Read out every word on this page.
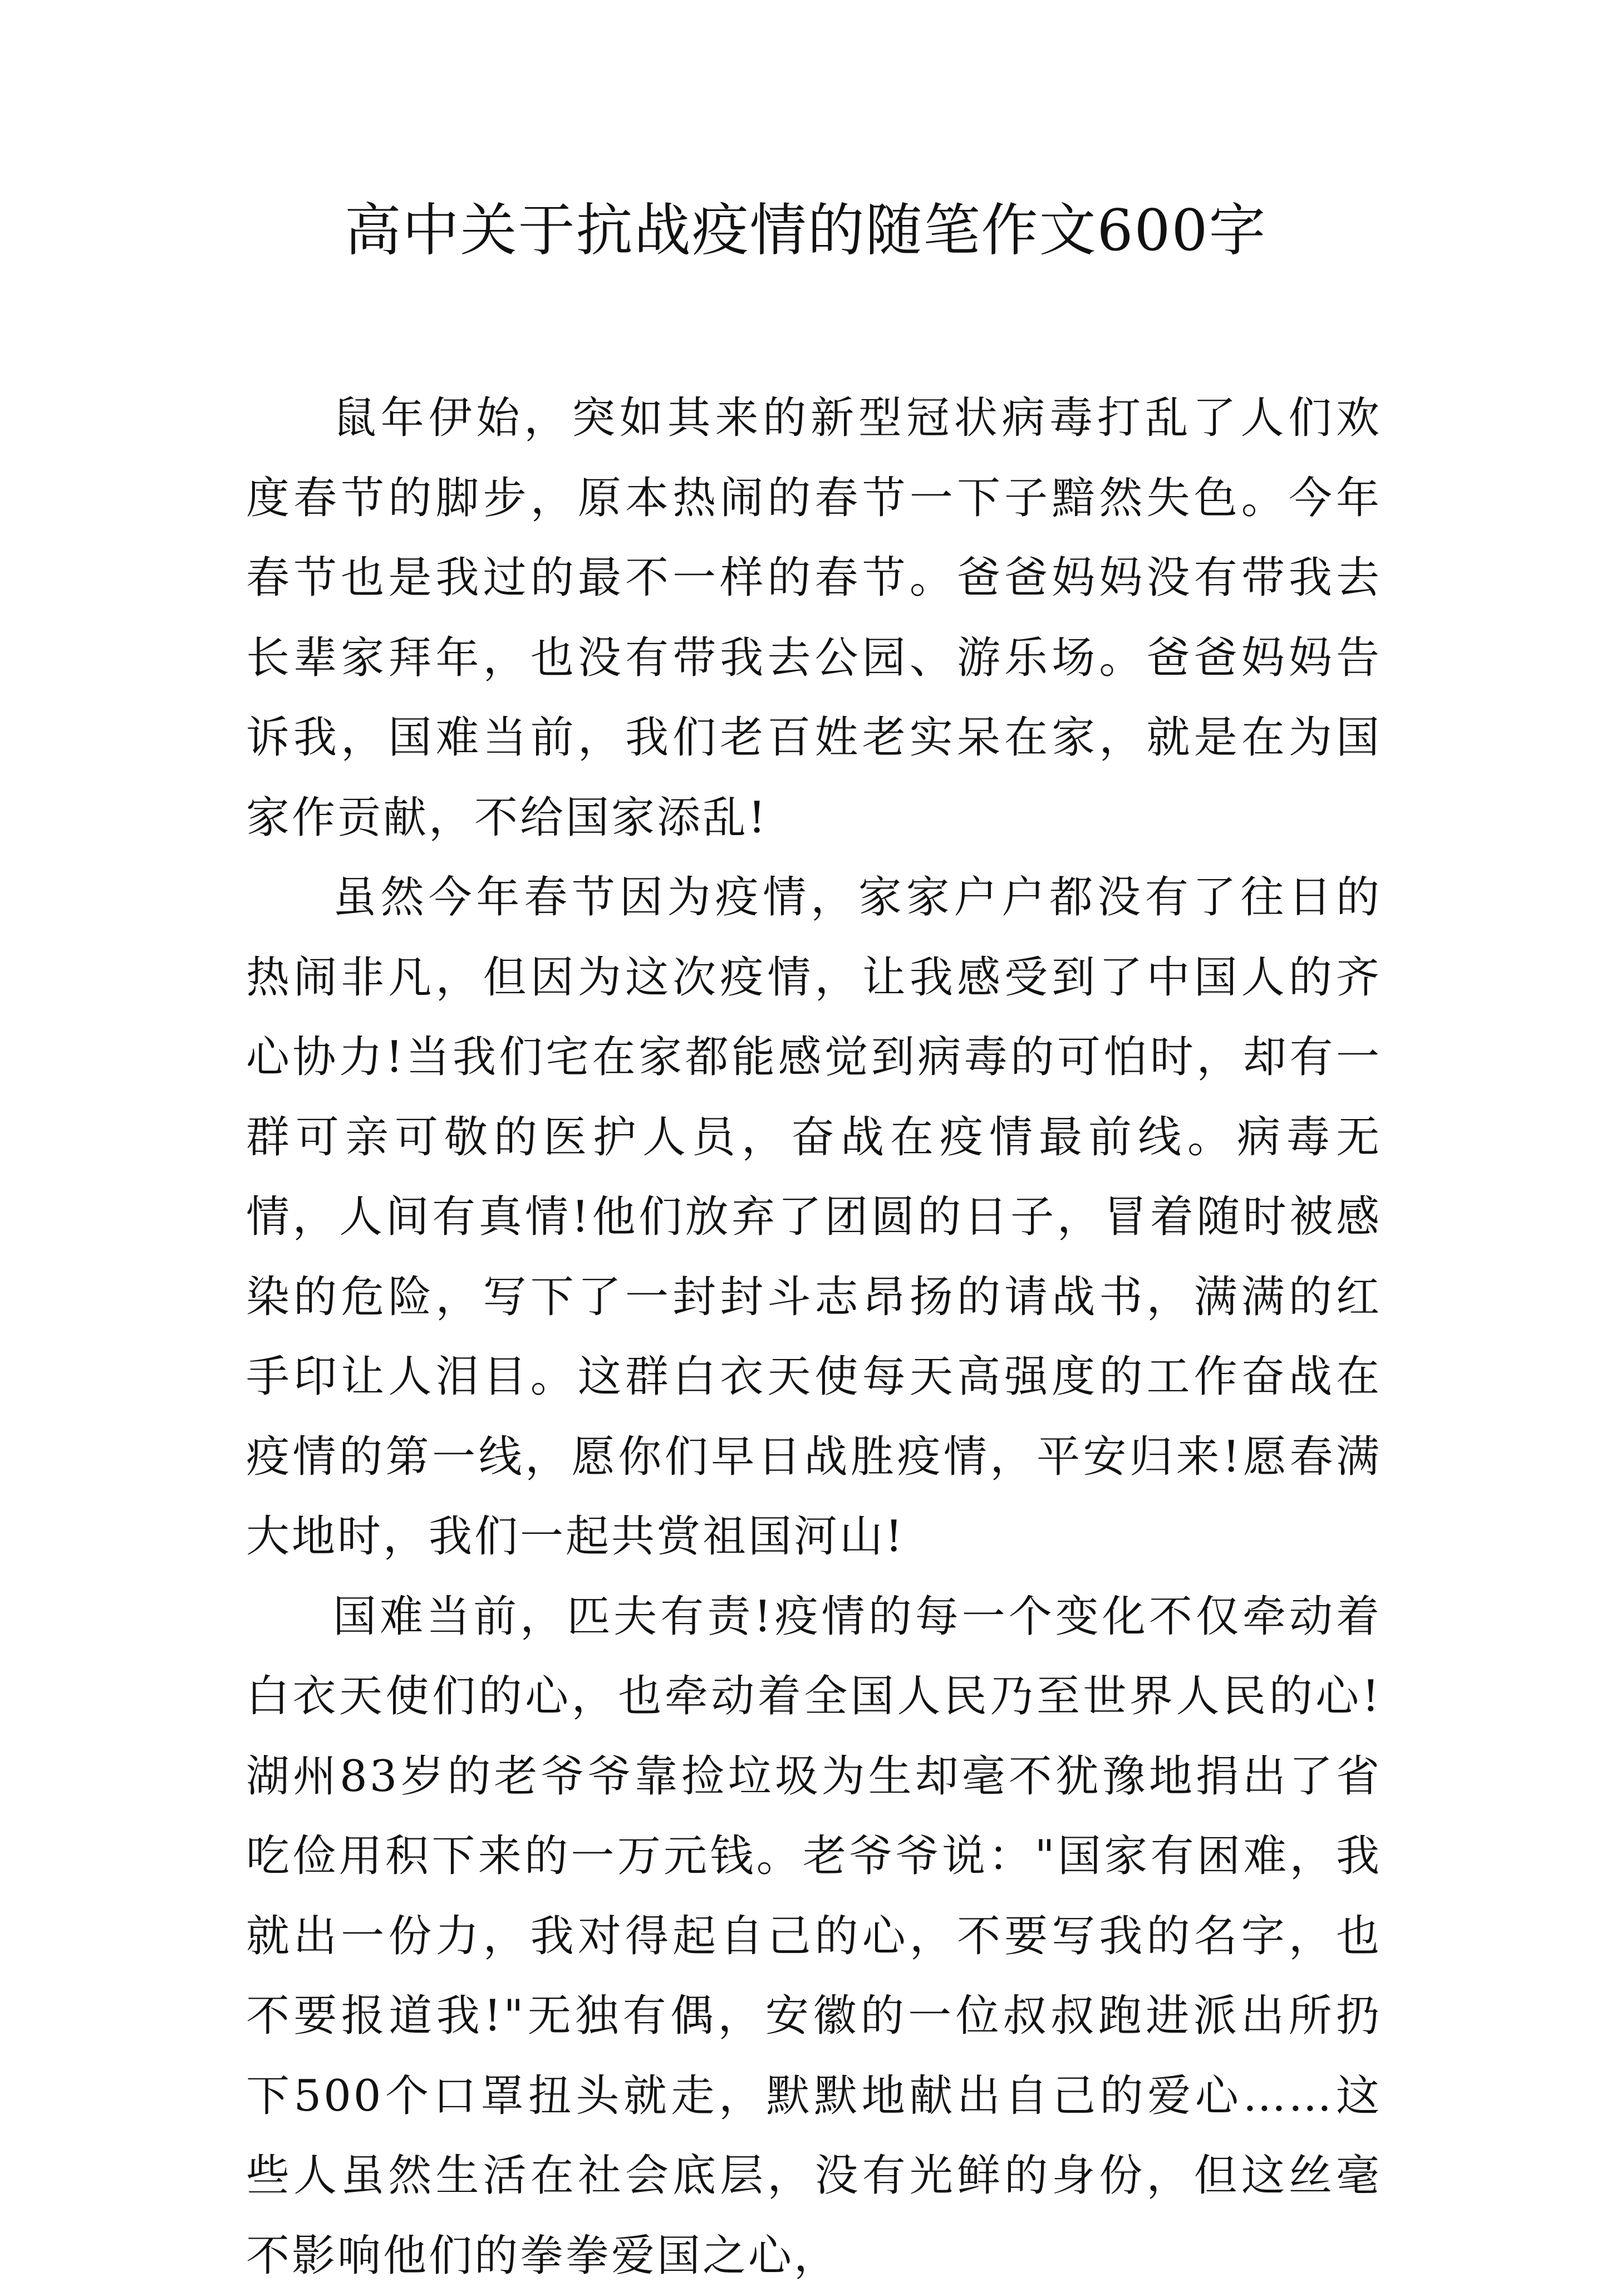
高中关于抗战疫情的随笔作文600字

鼠年伊始，突如其来的新型冠状病毒打乱了人们欢度春节的脚步，原本热闹的春节一下子黯然失色。今年春节也是我过的最不一样的春节。爸爸妈妈没有带我去长辈家拜年，也没有带我去公园、游乐场。爸爸妈妈告诉我，国难当前，我们老百姓老实呆在家，就是在为国家作贡献，不给国家添乱!

虽然今年春节因为疫情，家家户户都没有了往日的热闹非凡，但因为这次疫情，让我感受到了中国人的齐心协力!当我们宅在家都能感觉到病毒的可怕时，却有一群可亲可敬的医护人员，奋战在疫情最前线。病毒无情，人间有真情!他们放弃了团圆的日子，冒着随时被感染的危险，写下了一封封斗志昂扬的请战书，满满的红手印让人泪目。这群白衣天使每天高强度的工作奋战在疫情的第一线，愿你们早日战胜疫情，平安归来!愿春满大地时，我们一起共赏祖国河山!

国难当前，匹夫有责!疫情的每一个变化不仅牵动着白衣天使们的心，也牵动着全国人民乃至世界人民的心!湖州83岁的老爷爷靠捡垃圾为生却毫不犹豫地捐出了省吃俭用积下来的一万元钱。老爷爷说："国家有困难，我就出一份力，我对得起自己的心，不要写我的名字，也不要报道我!"无独有偶，安徽的一位叔叔跑进派出所扔下500个口罩扭头就走，默默地献出自己的爱心……这些人虽然生活在社会底层，没有光鲜的身份，但这丝毫不影响他们的拳拳爱国之心，
